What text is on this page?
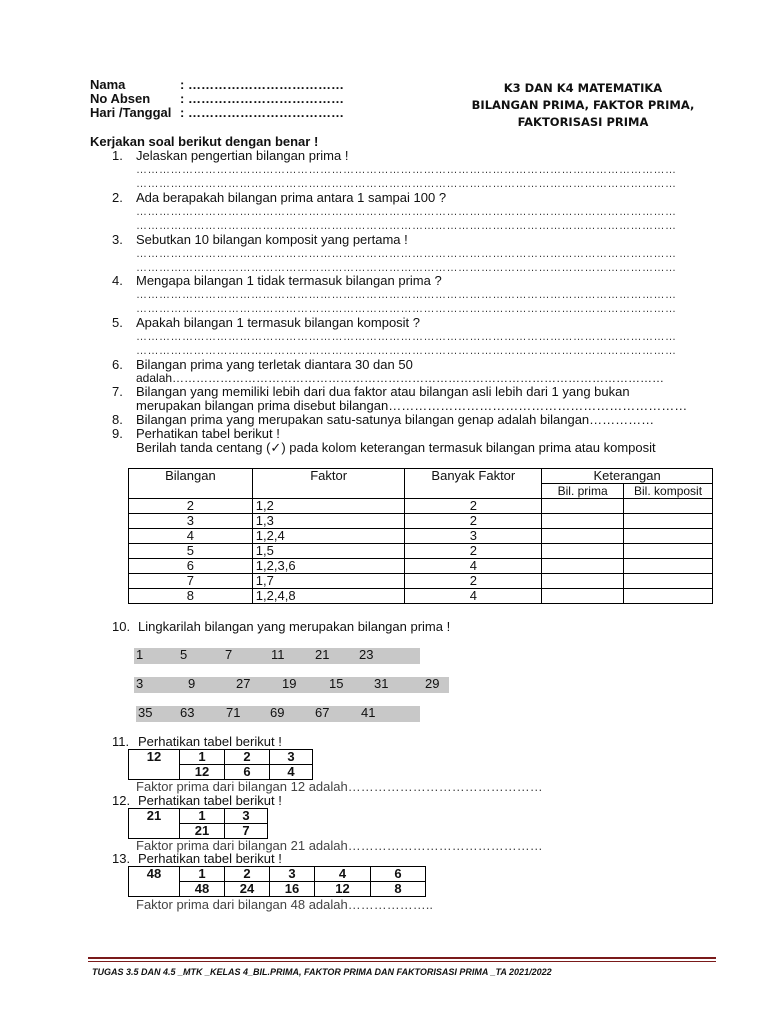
Nama	: ………………………………
No Absen : ………………………………
Hari /Tanggal : ………………………………
K3 DAN K4 MATEMATIKA
BILANGAN PRIMA, FAKTOR PRIMA,
FAKTORISASI PRIMA
Kerjakan soal berikut dengan benar !
1. Jelaskan pengertian bilangan prima !
……………………………………………………………………………………………………………………………
……………………………………………………………………………………………………………………………
2. Ada berapakah bilangan prima antara 1 sampai 100 ?
……………………………………………………………………………………………………………………………
……………………………………………………………………………………………………………………………
3. Sebutkan 10 bilangan komposit yang pertama !
……………………………………………………………………………………………………………………………
……………………………………………………………………………………………………………………………
4. Mengapa bilangan 1 tidak termasuk bilangan prima ?
……………………………………………………………………………………………………………………………
……………………………………………………………………………………………………………………………
5. Apakah bilangan 1 termasuk bilangan komposit ?
……………………………………………………………………………………………………………………………
……………………………………………………………………………………………………………………………
6. Bilangan prima yang terletak diantara 30 dan 50
adalah……………………………………………………………………………………………………………
7. Bilangan yang memiliki lebih dari dua faktor atau bilangan asli lebih dari 1 yang bukan
merupakan bilangan prima disebut bilangan……………………………………………………………
8. Bilangan prima yang merupakan satu-satunya bilangan genap adalah bilangan……………
9. Perhatikan tabel berikut !
Berilah tanda centang (✓) pada kolom keterangan termasuk bilangan prima atau komposit
Bilangan	Faktor	Banyak Faktor	Keterangan	
			Bil. prima	Bil. komposit
2	1,2	2		
3	1,3	2		
4	1,2,4	3		
5	1,5	2		
6	1,2,3,6	4		
7	1,7	2		
8	1,2,4,8	4		
10. Lingkarilah bilangan yang merupakan bilangan prima !
1	5	7	11 21 23
3	9	27 19	15 31	29
35 63 71 69 67 41
11. Perhatikan tabel berikut !
12	1	2	3
	12	6	4
Faktor prima dari bilangan 12 adalah………………………………………
12. Perhatikan tabel berikut !
21	1	3
	21	7
Faktor prima dari bilangan 21 adalah………………………………………
13. Perhatikan tabel berikut !
48	1	2	3	4	6
	48	24	16	12	8
Faktor prima dari bilangan 48 adalah………………..
TUGAS 3.5 DAN 4.5 _MTK _KELAS 4_BIL.PRIMA, FAKTOR PRIMA DAN FAKTORISASI PRIMA _TA 2021/2022
